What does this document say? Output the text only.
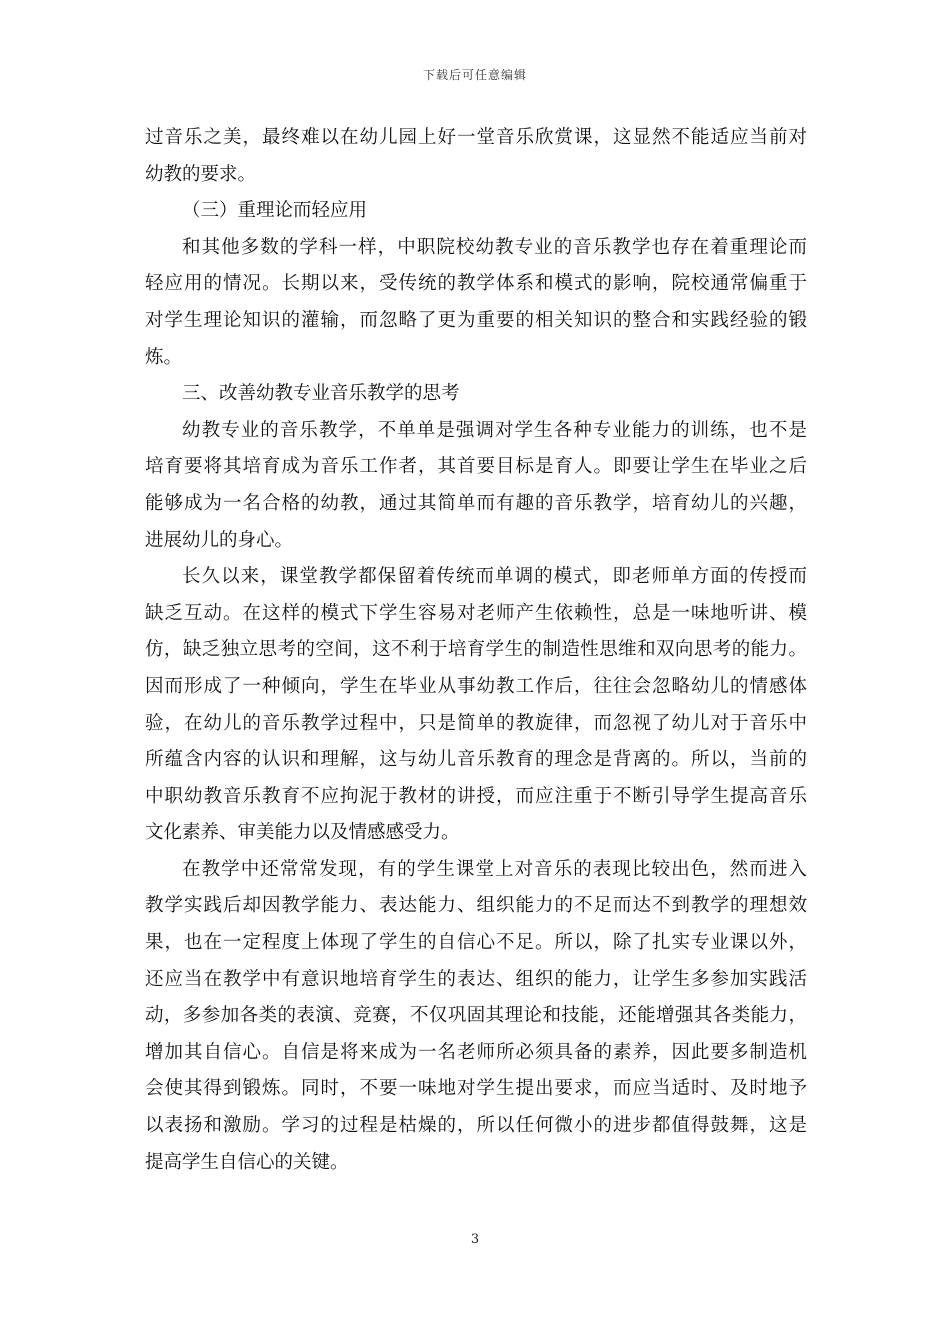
下载后可任意编辑
过音乐之美，最终难以在幼儿园上好一堂音乐欣赏课，这显然不能适应当前对
幼教的要求。
（三）重理论而轻应用
和其他多数的学科一样，中职院校幼教专业的音乐教学也存在着重理论而
轻应用的情况。长期以来，受传统的教学体系和模式的影响，院校通常偏重于
对学生理论知识的灌输，而忽略了更为重要的相关知识的整合和实践经验的锻
炼。
三、改善幼教专业音乐教学的思考
幼教专业的音乐教学，不单单是强调对学生各种专业能力的训练，也不是
培育要将其培育成为音乐工作者，其首要目标是育人。即要让学生在毕业之后
能够成为一名合格的幼教，通过其简单而有趣的音乐教学，培育幼儿的兴趣，
进展幼儿的身心。
长久以来，课堂教学都保留着传统而单调的模式，即老师单方面的传授而
缺乏互动。在这样的模式下学生容易对老师产生依赖性，总是一味地听讲、模
仿，缺乏独立思考的空间，这不利于培育学生的制造性思维和双向思考的能力。
因而形成了一种倾向，学生在毕业从事幼教工作后，往往会忽略幼儿的情感体
验，在幼儿的音乐教学过程中，只是简单的教旋律，而忽视了幼儿对于音乐中
所蕴含内容的认识和理解，这与幼儿音乐教育的理念是背离的。所以，当前的
中职幼教音乐教育不应拘泥于教材的讲授，而应注重于不断引导学生提高音乐
文化素养、审美能力以及情感感受力。
在教学中还常常发现，有的学生课堂上对音乐的表现比较出色，然而进入
教学实践后却因教学能力、表达能力、组织能力的不足而达不到教学的理想效
果，也在一定程度上体现了学生的自信心不足。所以，除了扎实专业课以外，
还应当在教学中有意识地培育学生的表达、组织的能力，让学生多参加实践活
动，多参加各类的表演、竞赛，不仅巩固其理论和技能，还能增强其各类能力，
增加其自信心。自信是将来成为一名老师所必须具备的素养，因此要多制造机
会使其得到锻炼。同时，不要一味地对学生提出要求，而应当适时、及时地予
以表扬和激励。学习的过程是枯燥的，所以任何微小的进步都值得鼓舞，这是
提高学生自信心的关键。
3
